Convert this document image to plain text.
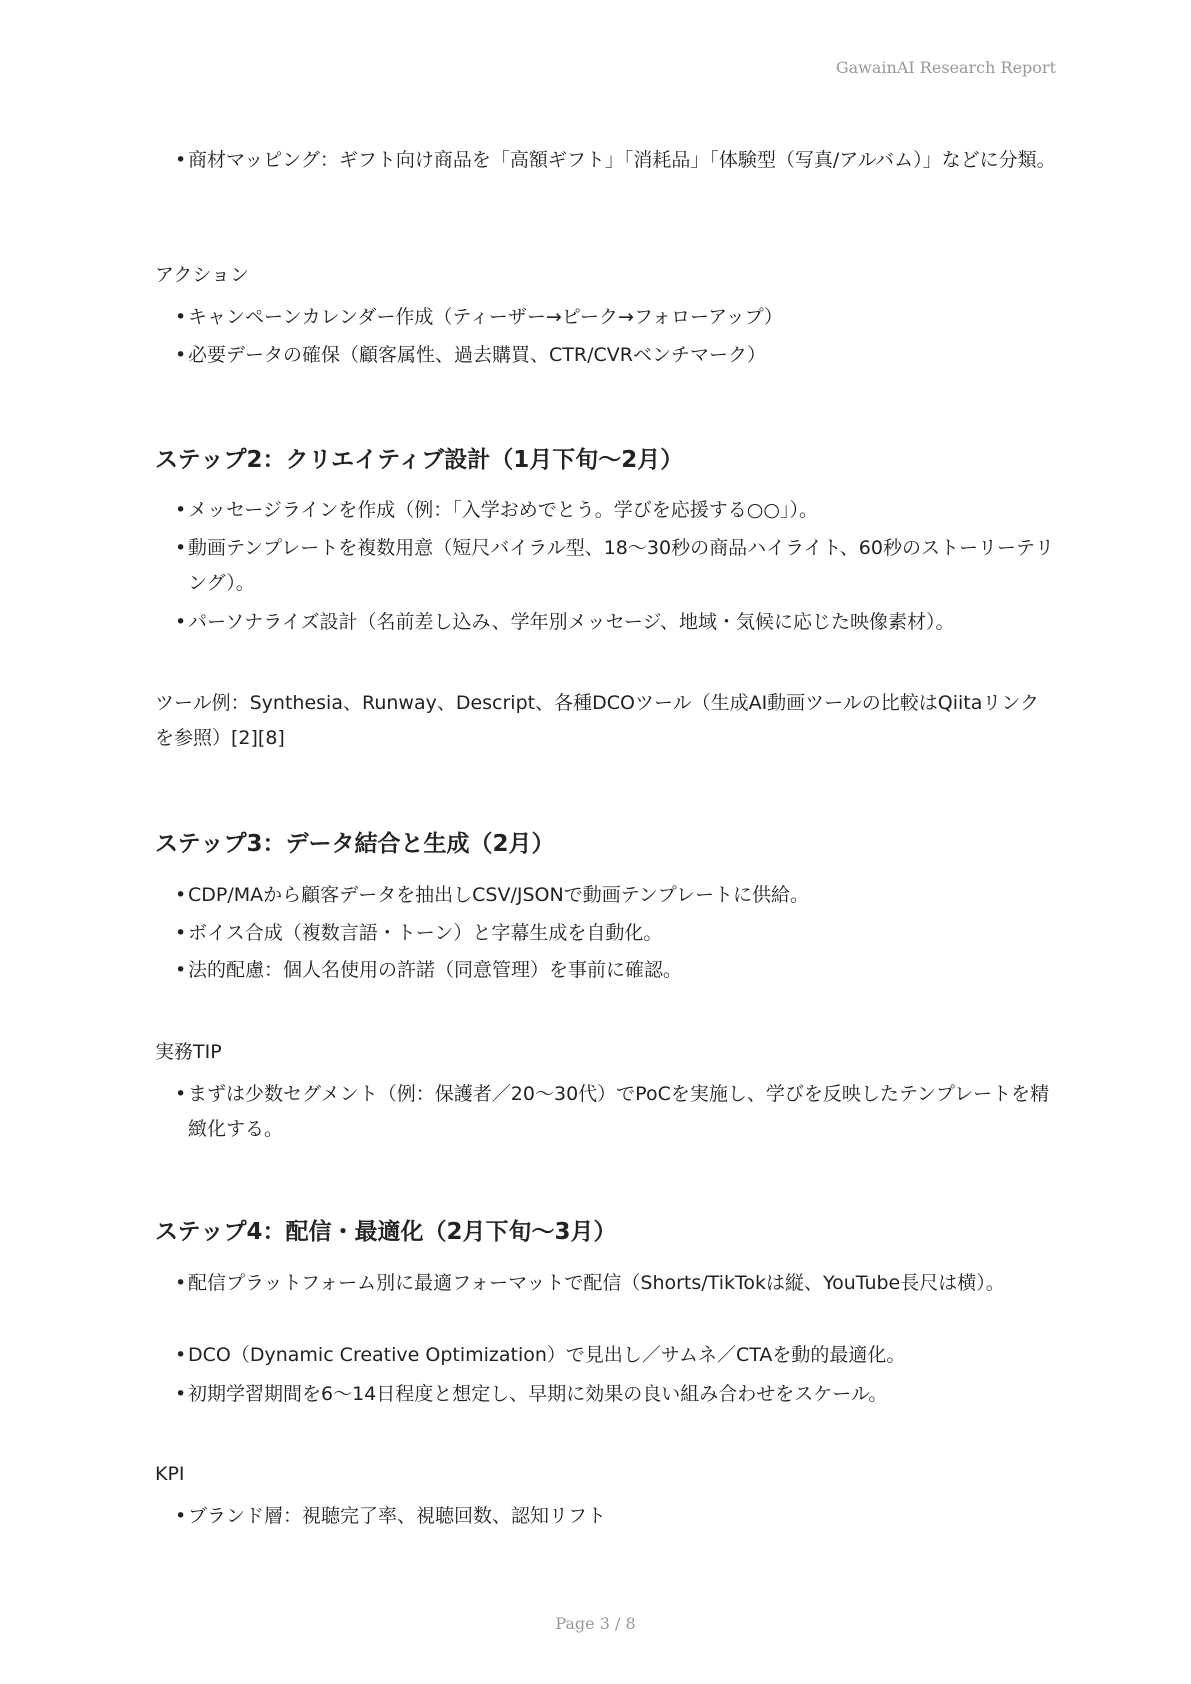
GawainAI Research Report
• 商材マッピング：ギフト向け商品を「高額ギフト」「消耗品」「体験型（写真/アルバム）」などに分類。
アクション
• キャンペーンカレンダー作成（ティーザー→ピーク→フォローアップ）
• 必要データの確保（顧客属性、過去購買、CTR/CVRベンチマーク）
ステップ2：クリエイティブ設計（1月下旬〜2月）
• メッセージラインを作成（例：「入学おめでとう。学びを応援する○○」）。
• 動画テンプレートを複数用意（短尺バイラル型、18〜30秒の商品ハイライト、60秒のストーリーテリング）。
• パーソナライズ設計（名前差し込み、学年別メッセージ、地域・気候に応じた映像素材）。
ツール例：Synthesia、Runway、Descript、各種DCOツール（生成AI動画ツールの比較はQiitaリンクを参照）[2][8]
ステップ3：データ結合と生成（2月）
• CDP/MAから顧客データを抽出しCSV/JSONで動画テンプレートに供給。
• ボイス合成（複数言語・トーン）と字幕生成を自動化。
• 法的配慮：個人名使用の許諾（同意管理）を事前に確認。
実務TIP
• まずは少数セグメント（例：保護者／20〜30代）でPoCを実施し、学びを反映したテンプレートを精緻化する。
ステップ4：配信・最適化（2月下旬〜3月）
• 配信プラットフォーム別に最適フォーマットで配信（Shorts/TikTokは縦、YouTube長尺は横）。
• DCO（Dynamic Creative Optimization）で見出し／サムネ／CTAを動的最適化。
• 初期学習期間を6〜14日程度と想定し、早期に効果の良い組み合わせをスケール。
KPI
• ブランド層：視聴完了率、視聴回数、認知リフト
Page 3 / 8
